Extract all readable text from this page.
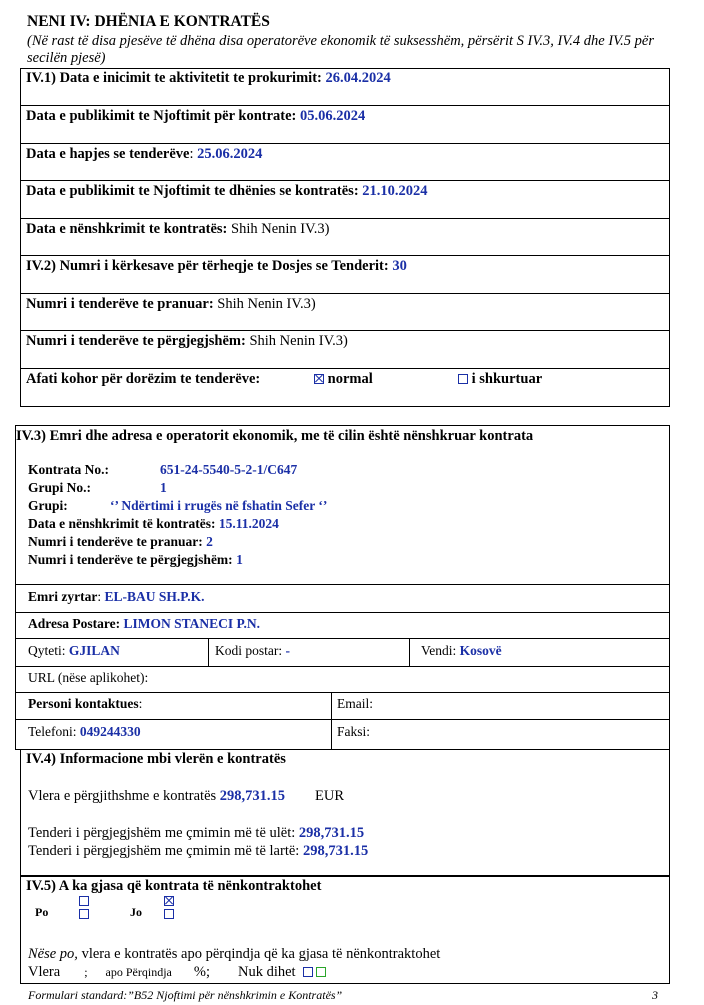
NENI IV: DHËNIA E KONTRATËS
(Në rast të disa pjesëve të dhëna disa operatorëve ekonomik të suksesshëm, përsërit S IV.3, IV.4 dhe IV.5 për secilën pjesë)
IV.1) Data e inicimit te aktivitetit te prokurimit: 26.04.2024
Data e publikimit te Njoftimit për kontrate: 05.06.2024
Data e hapjes se tenderëve: 25.06.2024
Data e publikimit te Njoftimit te dhënies se kontratës: 21.10.2024
Data e nënshkrimit te kontratës: Shih Nenin IV.3)
IV.2) Numri i kërkesave për tërheqje te Dosjes se Tenderit: 30
Numri i tenderëve te pranuar: Shih Nenin IV.3)
Numri i tenderëve te përgjegjshëm: Shih Nenin IV.3)
Afati kohor për dorëzim te tenderëve:	normal	i shkurtuar
IV.3) Emri dhe adresa e operatorit ekonomik, me të cilin është nënshkruar kontrata
Kontrata No.:	651-24-5540-5-2-1/C647
Grupi No.:	1
Grupi:	‘’ Ndërtimi i rrugës në fshatin Sefer ‘’
Data e nënshkrimit të kontratës: 15.11.2024
Numri i tenderëve te pranuar: 2
Numri i tenderëve te përgjegjshëm: 1
Emri zyrtar: EL-BAU SH.P.K.
Adresa Postare: LIMON STANECI P.N.
Qyteti: GJILAN	Kodi postar: -	Vendi: Kosovë
URL (nëse aplikohet):
Personi kontaktues:	Email:
Telefoni: 049244330	Faksi:
IV.4) Informacione mbi vlerën e kontratës
Vlera e përgjithshme e kontratës 298,731.15 EUR
Tenderi i përgjegjshëm me çmimin më të ulët: 298,731.15
Tenderi i përgjegjshëm me çmimin më të lartë: 298,731.15
IV.5) A ka gjasa që kontrata të nënkontraktohet
Po	Jo

Nëse po, vlera e kontratës apo përqindja që ka gjasa të nënkontraktohet
Vlera ; apo Përqindja %; Nuk dihet
Formulari standard:”B52 Njoftimi për nënshkrimin e Kontratës”	3
